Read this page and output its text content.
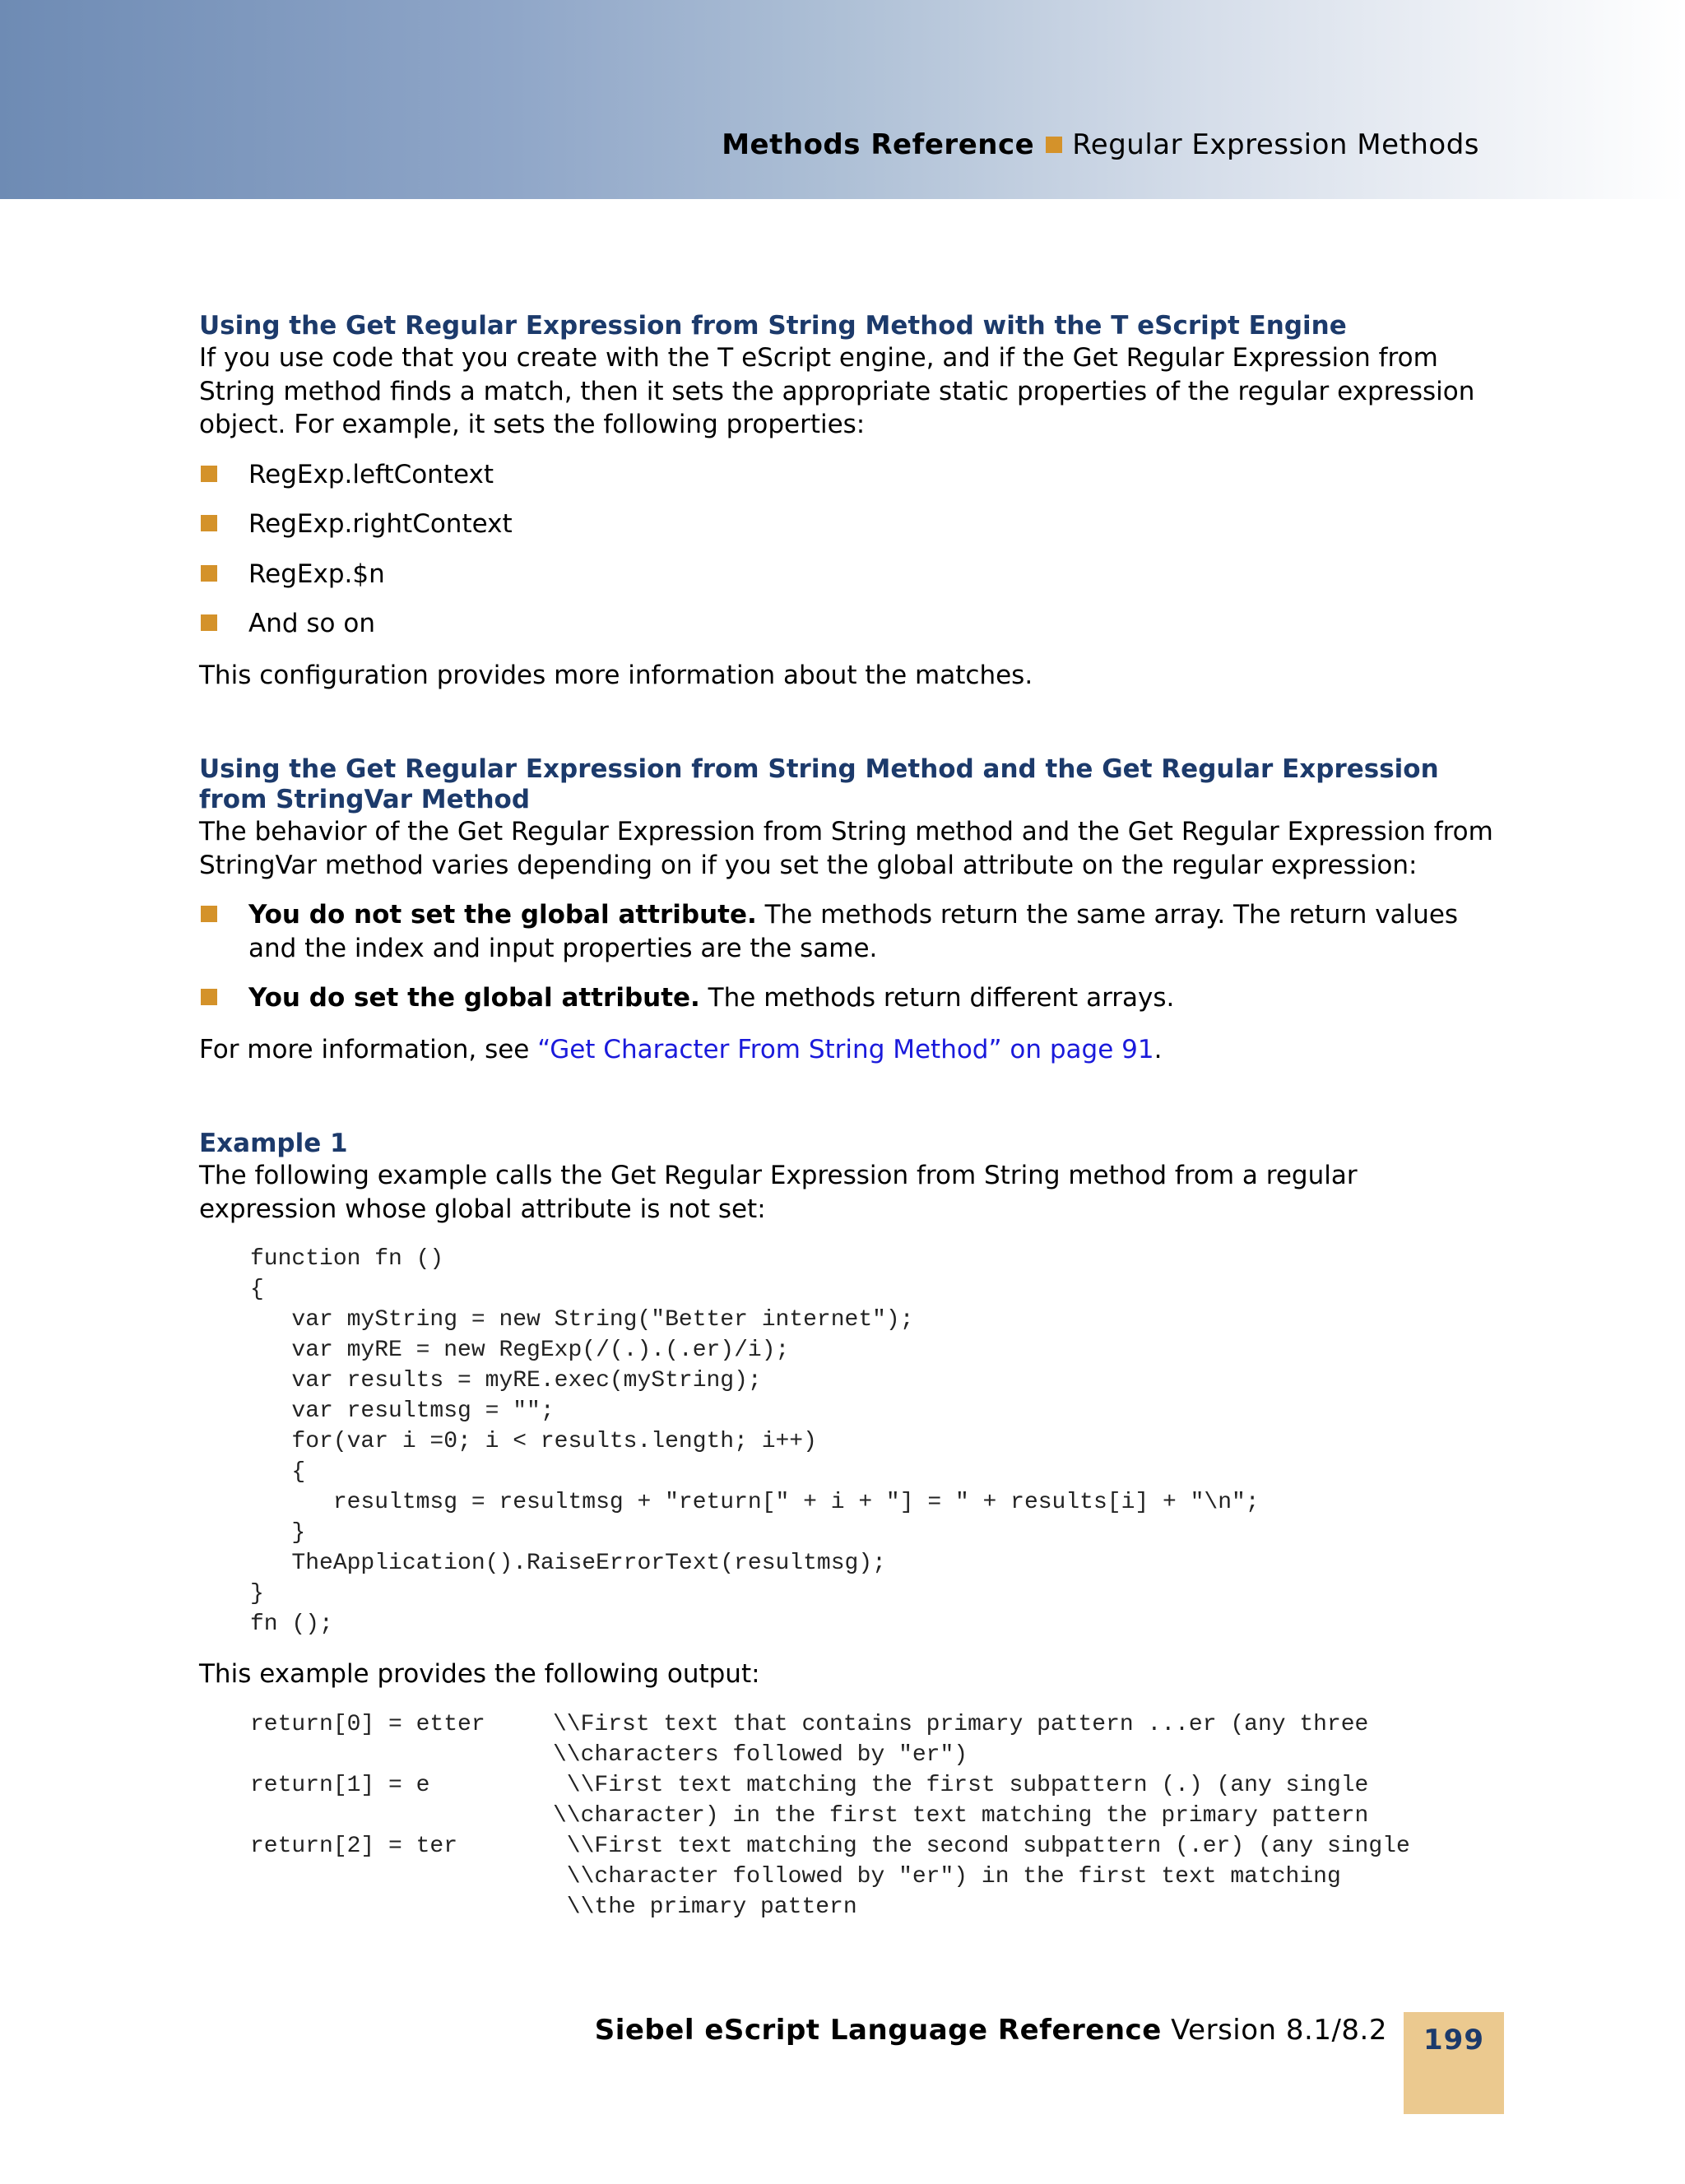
Methods Reference Regular Expression Methods
Using the Get Regular Expression from String Method with the T eScript Engine

If you use code that you create with the T eScript engine, and if the Get Regular Expression from String method finds a match, then it sets the appropriate static properties of the regular expression object. For example, it sets the following properties:

RegExp.leftContext
RegExp.rightContext
RegExp.$n
And so on

This configuration provides more information about the matches.

Using the Get Regular Expression from String Method and the Get Regular Expression from StringVar Method

The behavior of the Get Regular Expression from String method and the Get Regular Expression from StringVar method varies depending on if you set the global attribute on the regular expression:

You do not set the global attribute. The methods return the same array. The return values and the index and input properties are the same.
You do set the global attribute. The methods return different arrays.

For more information, see “Get Character From String Method” on page 91.

Example 1

The following example calls the Get Regular Expression from String method from a regular expression whose global attribute is not set:

function fn ()
{
var myString = new String("Better internet");
var myRE = new RegExp(/(.).(.er)/i);
var results = myRE.exec(myString);
var resultmsg = "";
for(var i =0; i < results.length; i++)
{
resultmsg = resultmsg + "return[" + i + "] = " + results[i] + "\n";
}
TheApplication().RaiseErrorText(resultmsg);
}
fn ();

This example provides the following output:

return[0] = etter	\\First text that contains primary pattern ...er (any three
\\characters followed by "er")
return[1] = e	\\First text matching the first subpattern (.) (any single
\\character) in the first text matching the primary pattern
return[2] = ter	\\First text matching the second subpattern (.er) (any single
\\character followed by "er") in the first text matching
\\the primary pattern
Siebel eScript Language Reference Version 8.1/8.2	199
